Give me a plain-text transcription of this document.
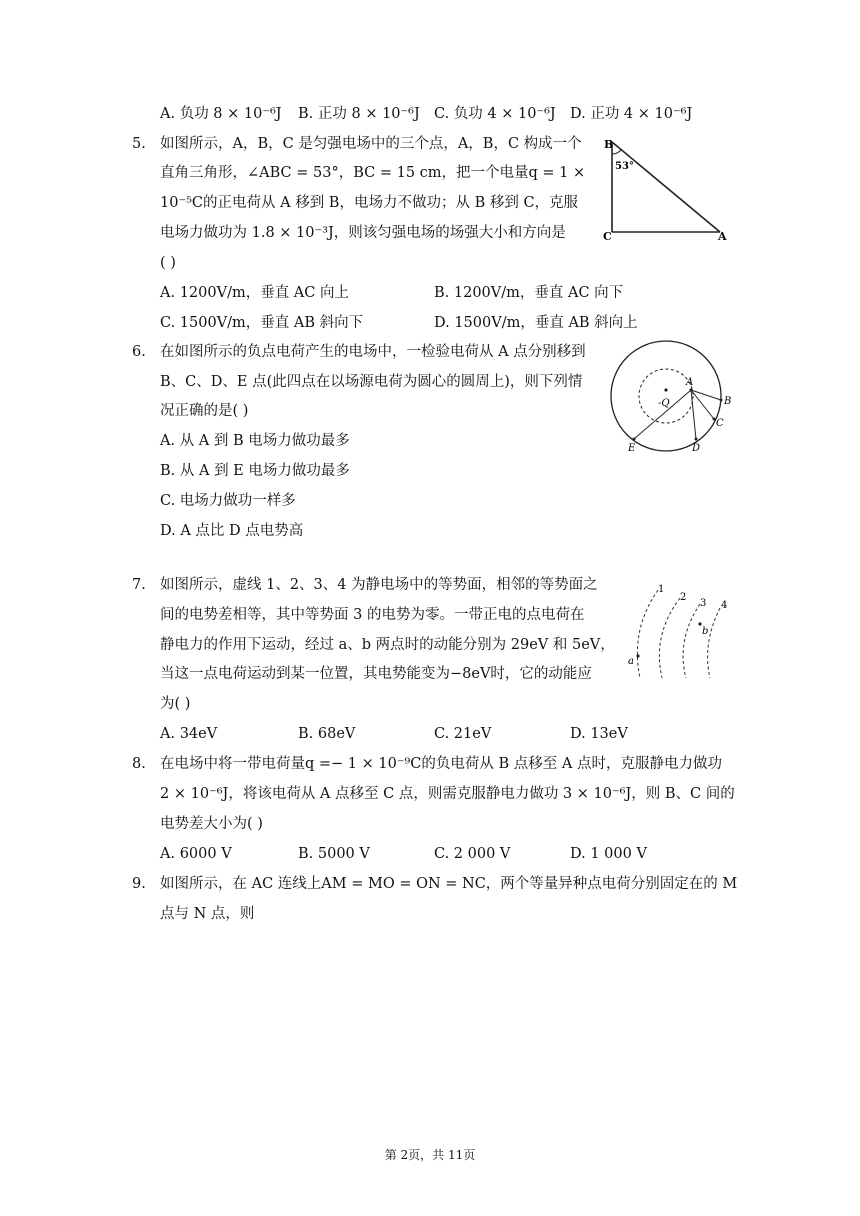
A. 负功 8 × 10⁻⁶J B. 正功 8 × 10⁻⁶J C. 负功 4 × 10⁻⁶J D. 正功 4 × 10⁻⁶J
5. 如图所示，A，B，C 是匀强电场中的三个点，A，B，C 构成一个
直角三角形，∠ABC = 53°，BC = 15 cm，把一个电量q = 1 ×
10⁻⁵C的正电荷从 A 移到 B，电场力不做功；从 B 移到 C，克服
电场力做功为 1.8 × 10⁻³J，则该匀强电场的场强大小和方向是
( )
A. 1200V/m，垂直 AC 向上	B. 1200V/m，垂直 AC 向下
C. 1500V/m，垂直 AB 斜向下	D. 1500V/m，垂直 AB 斜向上
B
53°
C	A
6. 在如图所示的负点电荷产生的电场中，一检验电荷从 A 点分别移到
B、C、D、E 点(此四点在以场源电荷为圆心的圆周上)，则下列情
况正确的是( )
A. 从 A 到 B 电场力做功最多
B. 从 A 到 E 电场力做功最多
C. 电场力做功一样多
D. A 点比 D 点电势高
-Q
A
B
C
D
E
7. 如图所示，虚线 1、2、3、4 为静电场中的等势面，相邻的等势面之
间的电势差相等，其中等势面 3 的电势为零。一带正电的点电荷在
静电力的作用下运动，经过 a、b 两点时的动能分别为 29eV 和 5eV，
当这一点电荷运动到某一位置，其电势能变为−8eV时，它的动能应
为( )
A. 34eV	B. 68eV	C. 21eV	D. 13eV
1
2
3 4
a
b
8. 在电场中将一带电荷量q =− 1 × 10⁻⁹C的负电荷从 B 点移至 A 点时，克服静电力做功
2 × 10⁻⁶J，将该电荷从 A 点移至 C 点，则需克服静电力做功 3 × 10⁻⁶J，则 B、C 间的
电势差大小为( )
A. 6000 V	B. 5000 V	C. 2 000 V	D. 1 000 V
9. 如图所示，在 AC 连线上AM = MO = ON = NC，两个等量异种点电荷分别固定在的 M
点与 N 点，则
第 2页，共 11页
